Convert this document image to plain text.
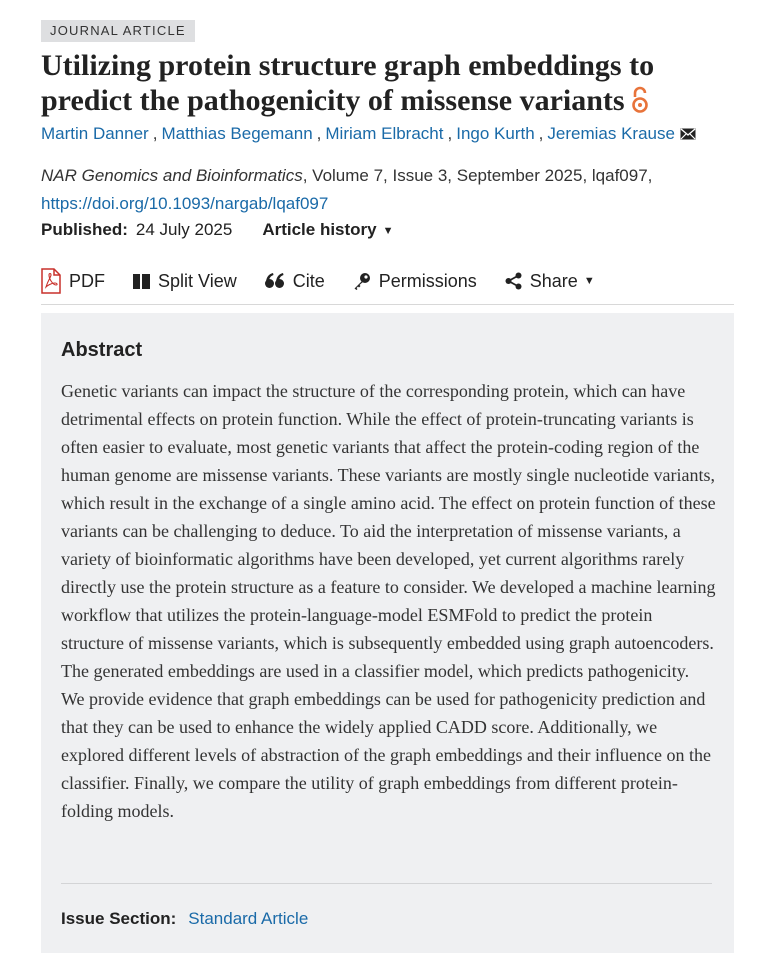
JOURNAL ARTICLE
Utilizing protein structure graph embeddings to predict the pathogenicity of missense variants
Martin Danner , Matthias Begemann , Miriam Elbracht , Ingo Kurth , Jeremias Krause
NAR Genomics and Bioinformatics, Volume 7, Issue 3, September 2025, lqaf097,
https://doi.org/10.1093/nargab/lqaf097
Published: 24 July 2025 Article history ▼
PDF	Split View	Cite	Permissions	Share ▼
Abstract

Genetic variants can impact the structure of the corresponding protein, which can have detrimental effects on protein function. While the effect of protein-truncating variants is often easier to evaluate, most genetic variants that affect the protein-coding region of the human genome are missense variants. These variants are mostly single nucleotide variants, which result in the exchange of a single amino acid. The effect on protein function of these variants can be challenging to deduce. To aid the interpretation of missense variants, a variety of bioinformatic algorithms have been developed, yet current algorithms rarely directly use the protein structure as a feature to consider. We developed a machine learning workflow that utilizes the protein-language-model ESMFold to predict the protein structure of missense variants, which is subsequently embedded using graph autoencoders. The generated embeddings are used in a classifier model, which predicts pathogenicity. We provide evidence that graph embeddings can be used for pathogenicity prediction and that they can be used to enhance the widely applied CADD score. Additionally, we explored different levels of abstraction of the graph embeddings and their influence on the classifier. Finally, we compare the utility of graph embeddings from different protein-folding models.

Issue Section: Standard Article
